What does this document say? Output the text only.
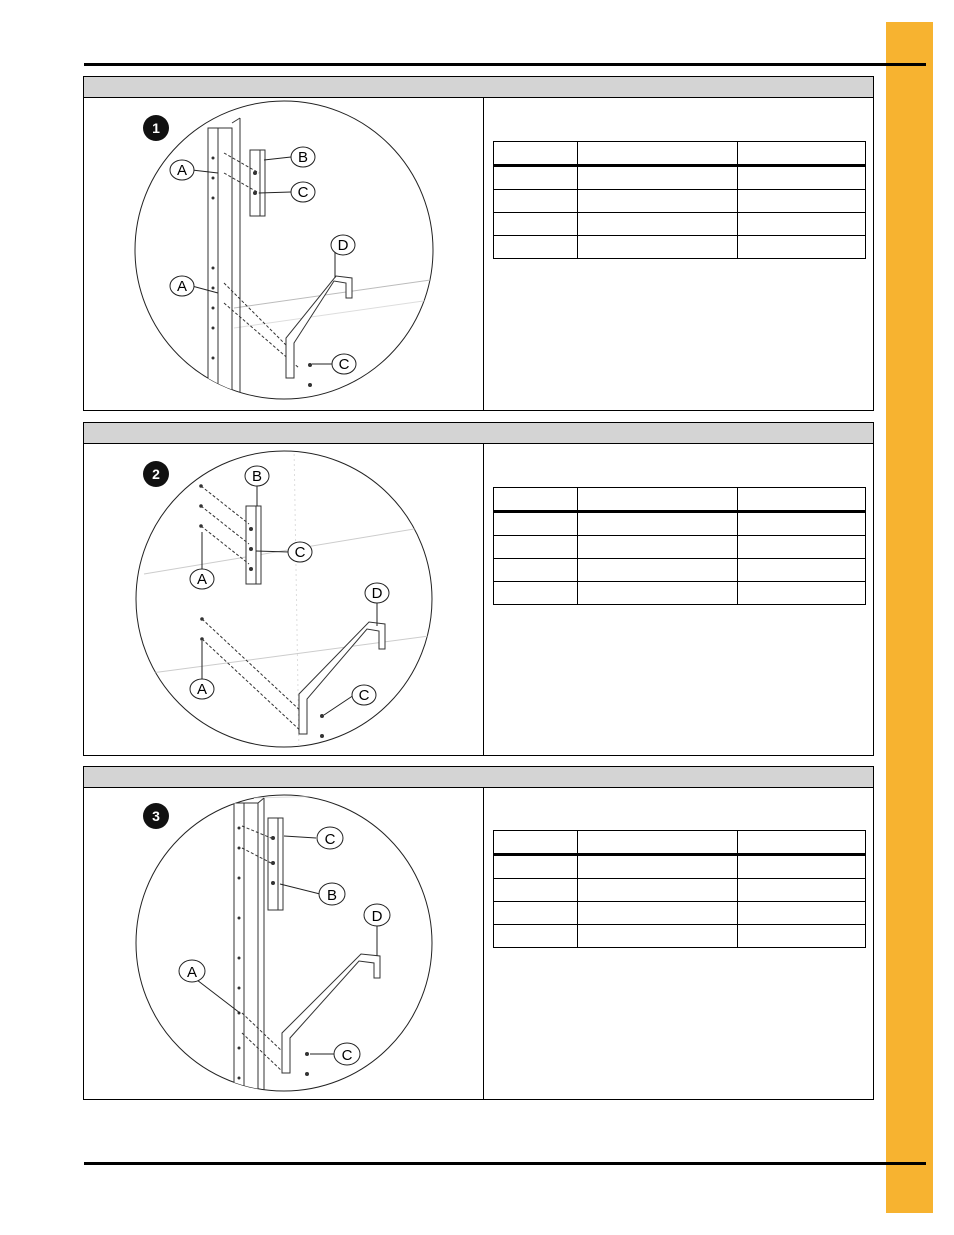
1
A
A
B
C
D
C

2	B
A
A
C
D
C

3
C
B
D
A
C
